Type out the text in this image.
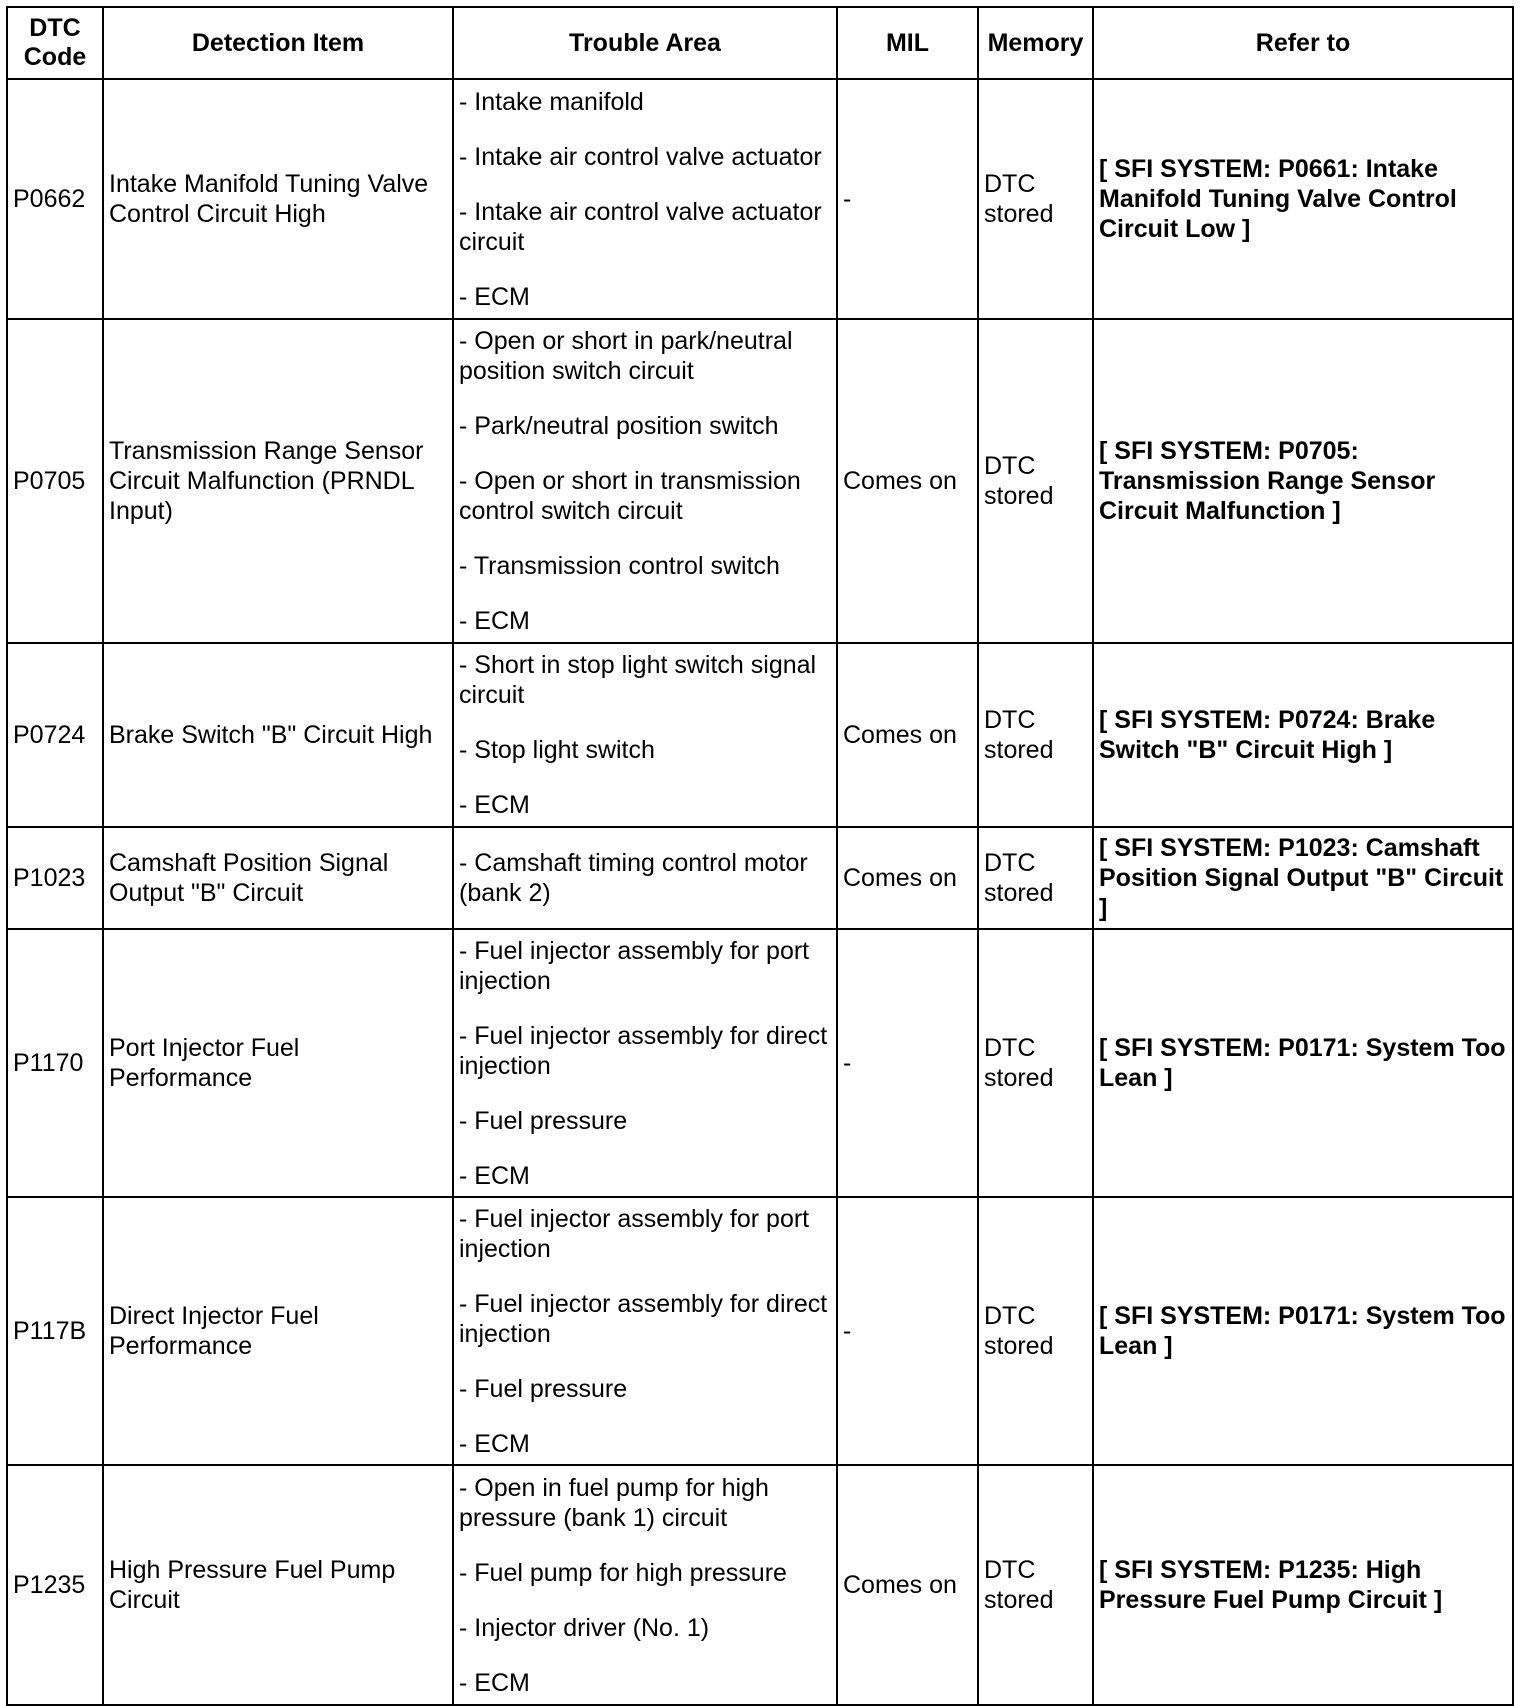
DTC Code	Detection Item	Trouble Area	MIL	Memory	Refer to
P0662	Intake Manifold Tuning Valve Control Circuit High	- Intake manifold
- Intake air control valve actuator
- Intake air control valve actuator circuit
- ECM	-	DTC stored	[ SFI SYSTEM: P0661: Intake Manifold Tuning Valve Control Circuit Low ]
P0705	Transmission Range Sensor Circuit Malfunction (PRNDL Input)	- Open or short in park/neutral position switch circuit
- Park/neutral position switch
- Open or short in transmission control switch circuit
- Transmission control switch
- ECM	Comes on	DTC stored	[ SFI SYSTEM: P0705: Transmission Range Sensor Circuit Malfunction ]
P0724	Brake Switch "B" Circuit High	- Short in stop light switch signal circuit
- Stop light switch
- ECM	Comes on	DTC stored	[ SFI SYSTEM: P0724: Brake Switch "B" Circuit High ]
P1023	Camshaft Position Signal Output "B" Circuit	- Camshaft timing control motor (bank 2)	Comes on	DTC stored	[ SFI SYSTEM: P1023: Camshaft Position Signal Output "B" Circuit ]
P1170	Port Injector Fuel Performance	- Fuel injector assembly for port injection
- Fuel injector assembly for direct injection
- Fuel pressure
- ECM	-	DTC stored	[ SFI SYSTEM: P0171: System Too Lean ]
P117B	Direct Injector Fuel Performance	- Fuel injector assembly for port injection
- Fuel injector assembly for direct injection
- Fuel pressure
- ECM	-	DTC stored	[ SFI SYSTEM: P0171: System Too Lean ]
P1235	High Pressure Fuel Pump Circuit	- Open in fuel pump for high pressure (bank 1) circuit
- Fuel pump for high pressure
- Injector driver (No. 1)
- ECM	Comes on	DTC stored	[ SFI SYSTEM: P1235: High Pressure Fuel Pump Circuit ]
